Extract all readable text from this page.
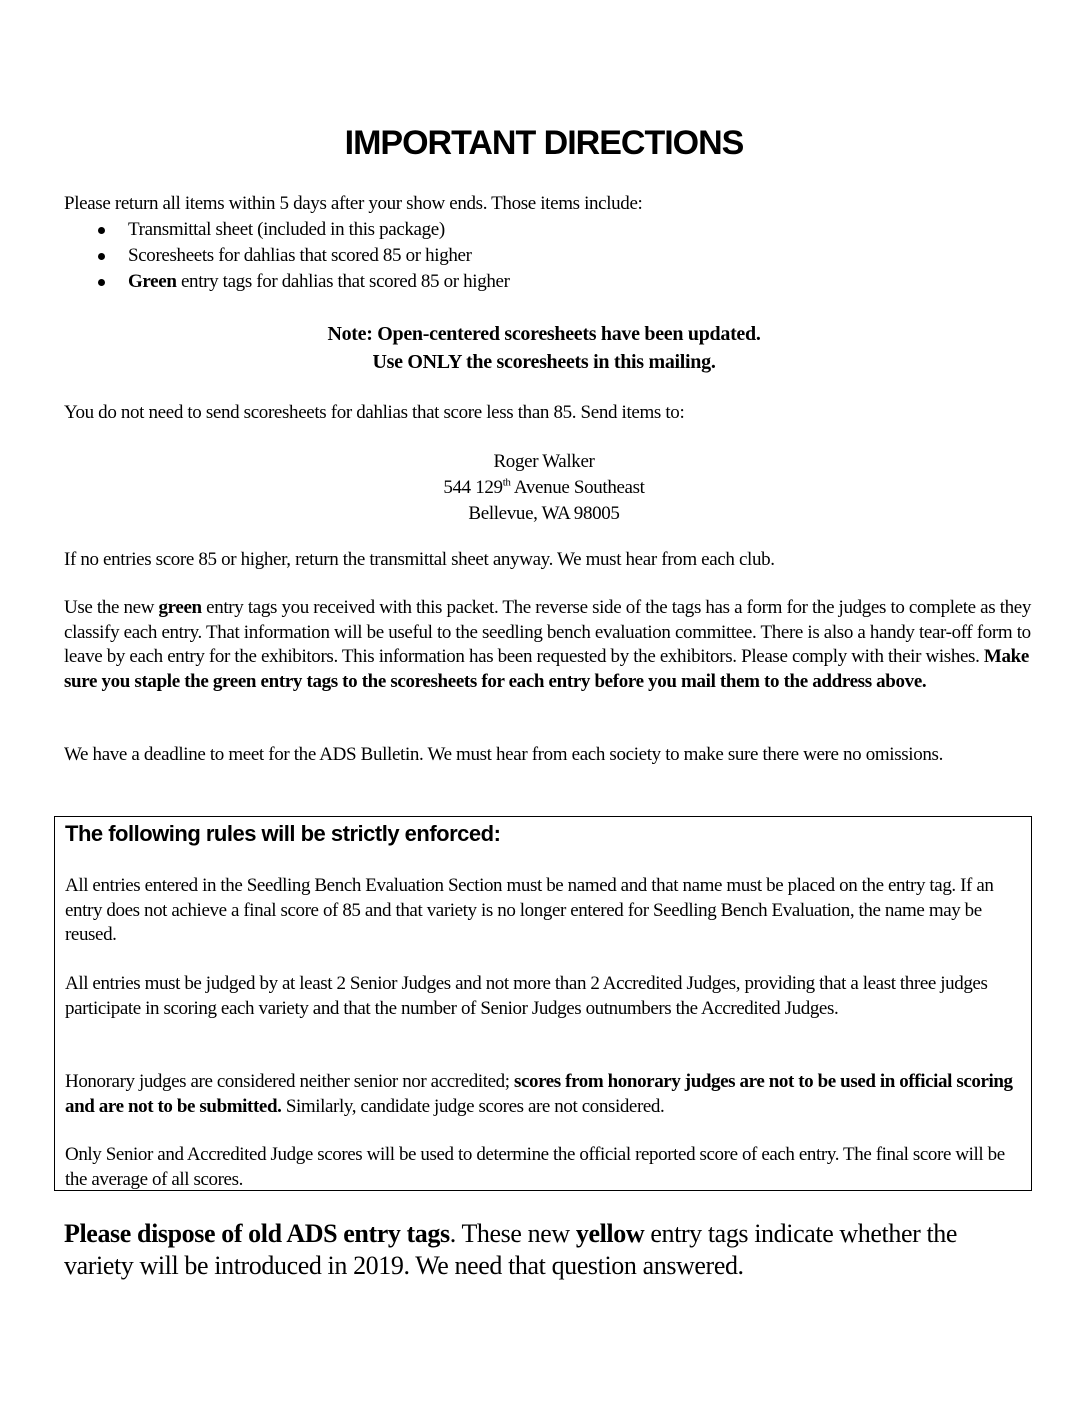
IMPORTANT DIRECTIONS

Please return all items within 5 days after your show ends. Those items include:

Transmittal sheet (included in this package)
Scoresheets for dahlias that scored 85 or higher
Green entry tags for dahlias that scored 85 or higher
Note: Open-centered scoresheets have been updated.
Use ONLY the scoresheets in this mailing.

You do not need to send scoresheets for dahlias that score less than 85. Send items to:

Roger Walker
544 129th Avenue Southeast
Bellevue, WA 98005

If no entries score 85 or higher, return the transmittal sheet anyway. We must hear from each club.

Use the new green entry tags you received with this packet. The reverse side of the tags has a form for the judges to complete as they classify each entry. That information will be useful to the seedling bench evaluation committee. There is also a handy tear-off form to leave by each entry for the exhibitors. This information has been requested by the exhibitors. Please comply with their wishes. Make sure you staple the green entry tags to the scoresheets for each entry before you mail them to the address above.

We have a deadline to meet for the ADS Bulletin. We must hear from each society to make sure there were no omissions.

The following rules will be strictly enforced:

All entries entered in the Seedling Bench Evaluation Section must be named and that name must be placed on the entry tag. If an entry does not achieve a final score of 85 and that variety is no longer entered for Seedling Bench Evaluation, the name may be reused.

All entries must be judged by at least 2 Senior Judges and not more than 2 Accredited Judges, providing that a least three judges participate in scoring each variety and that the number of Senior Judges outnumbers the Accredited Judges.

Honorary judges are considered neither senior nor accredited; scores from honorary judges are not to be used in official scoring and are not to be submitted. Similarly, candidate judge scores are not considered.

Only Senior and Accredited Judge scores will be used to determine the official reported score of each entry. The final score will be the average of all scores.

Please dispose of old ADS entry tags. These new yellow entry tags indicate whether the variety will be introduced in 2019. We need that question answered.
